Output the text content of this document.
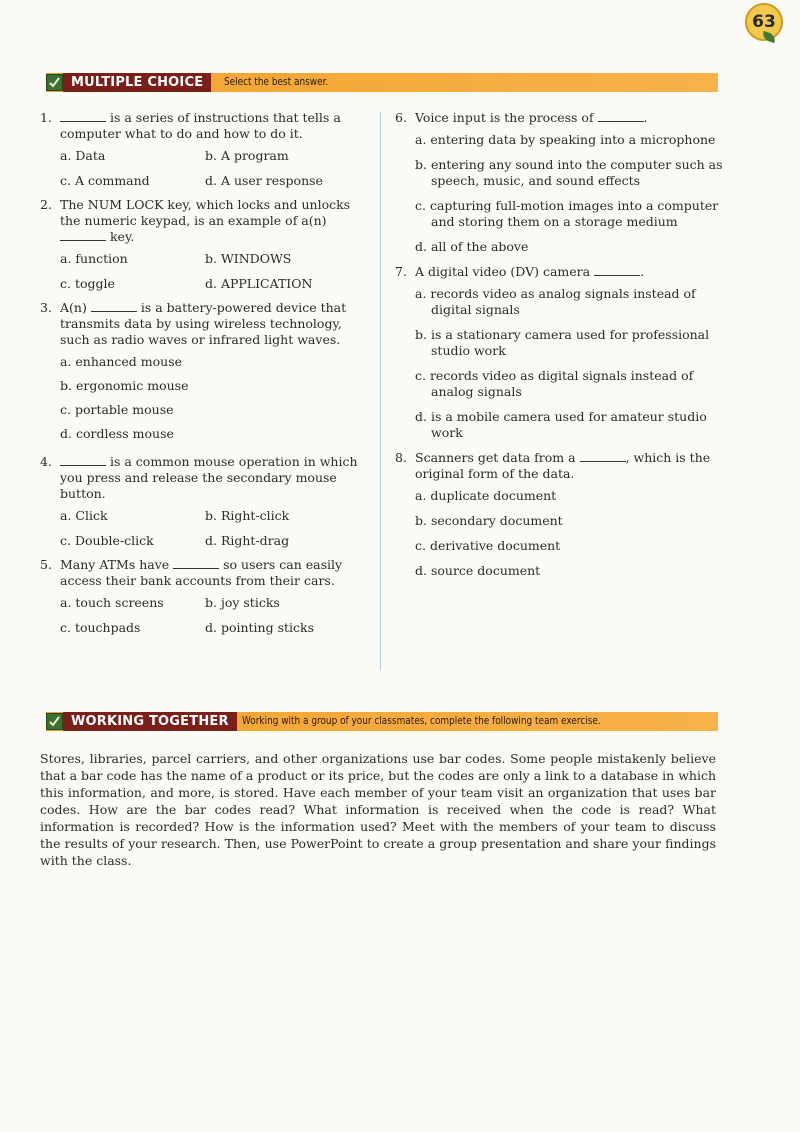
63
MULTIPLE CHOICE	Select the best answer.
1.	is a series of instructions that tells a computer what to do and how to do it.
a. Data	b. A program
c. A command	d. A user response
2. The NUM LOCK key, which locks and unlocks the numeric keypad, is an example of a(n)  key.
a. function	b. WINDOWS
c. toggle	d. APPLICATION
3. A(n)	is a battery-powered device that transmits data by using wireless technology, such as radio waves or infrared light waves.
a. enhanced mouse
b. ergonomic mouse
c. portable mouse
d. cordless mouse
4.	is a common mouse operation in which you press and release the secondary mouse button.
a. Click	b. Right-click
c. Double-click	d. Right-drag
5. Many ATMs have	so users can easily access their bank accounts from their cars.
a. touch screens	b. joy sticks
c. touchpads	d. pointing sticks
6. Voice input is the process of	.
a. entering data by speaking into a microphone
b. entering any sound into the computer such as speech, music, and sound effects
c. capturing full-motion images into a computer and storing them on a storage medium
d. all of the above
7. A digital video (DV) camera	.
a. records video as analog signals instead of digital signals
b. is a stationary camera used for professional studio work
c. records video as digital signals instead of analog signals
d. is a mobile camera used for amateur studio work
8. Scanners get data from a	, which is the original form of the data.
a. duplicate document
b. secondary document
c. derivative document
d. source document
WORKING TOGETHER	Working with a group of your classmates, complete the following team exercise.
Stores, libraries, parcel carriers, and other organizations use bar codes. Some people mistakenly believe that a bar code has the name of a product or its price, but the codes are only a link to a database in which this information, and more, is stored. Have each member of your team visit an organization that uses bar codes. How are the bar codes read? What information is received when the code is read? What information is recorded? How is the information used? Meet with the members of your team to discuss the results of your research. Then, use PowerPoint to create a group presentation and share your findings with the class.
